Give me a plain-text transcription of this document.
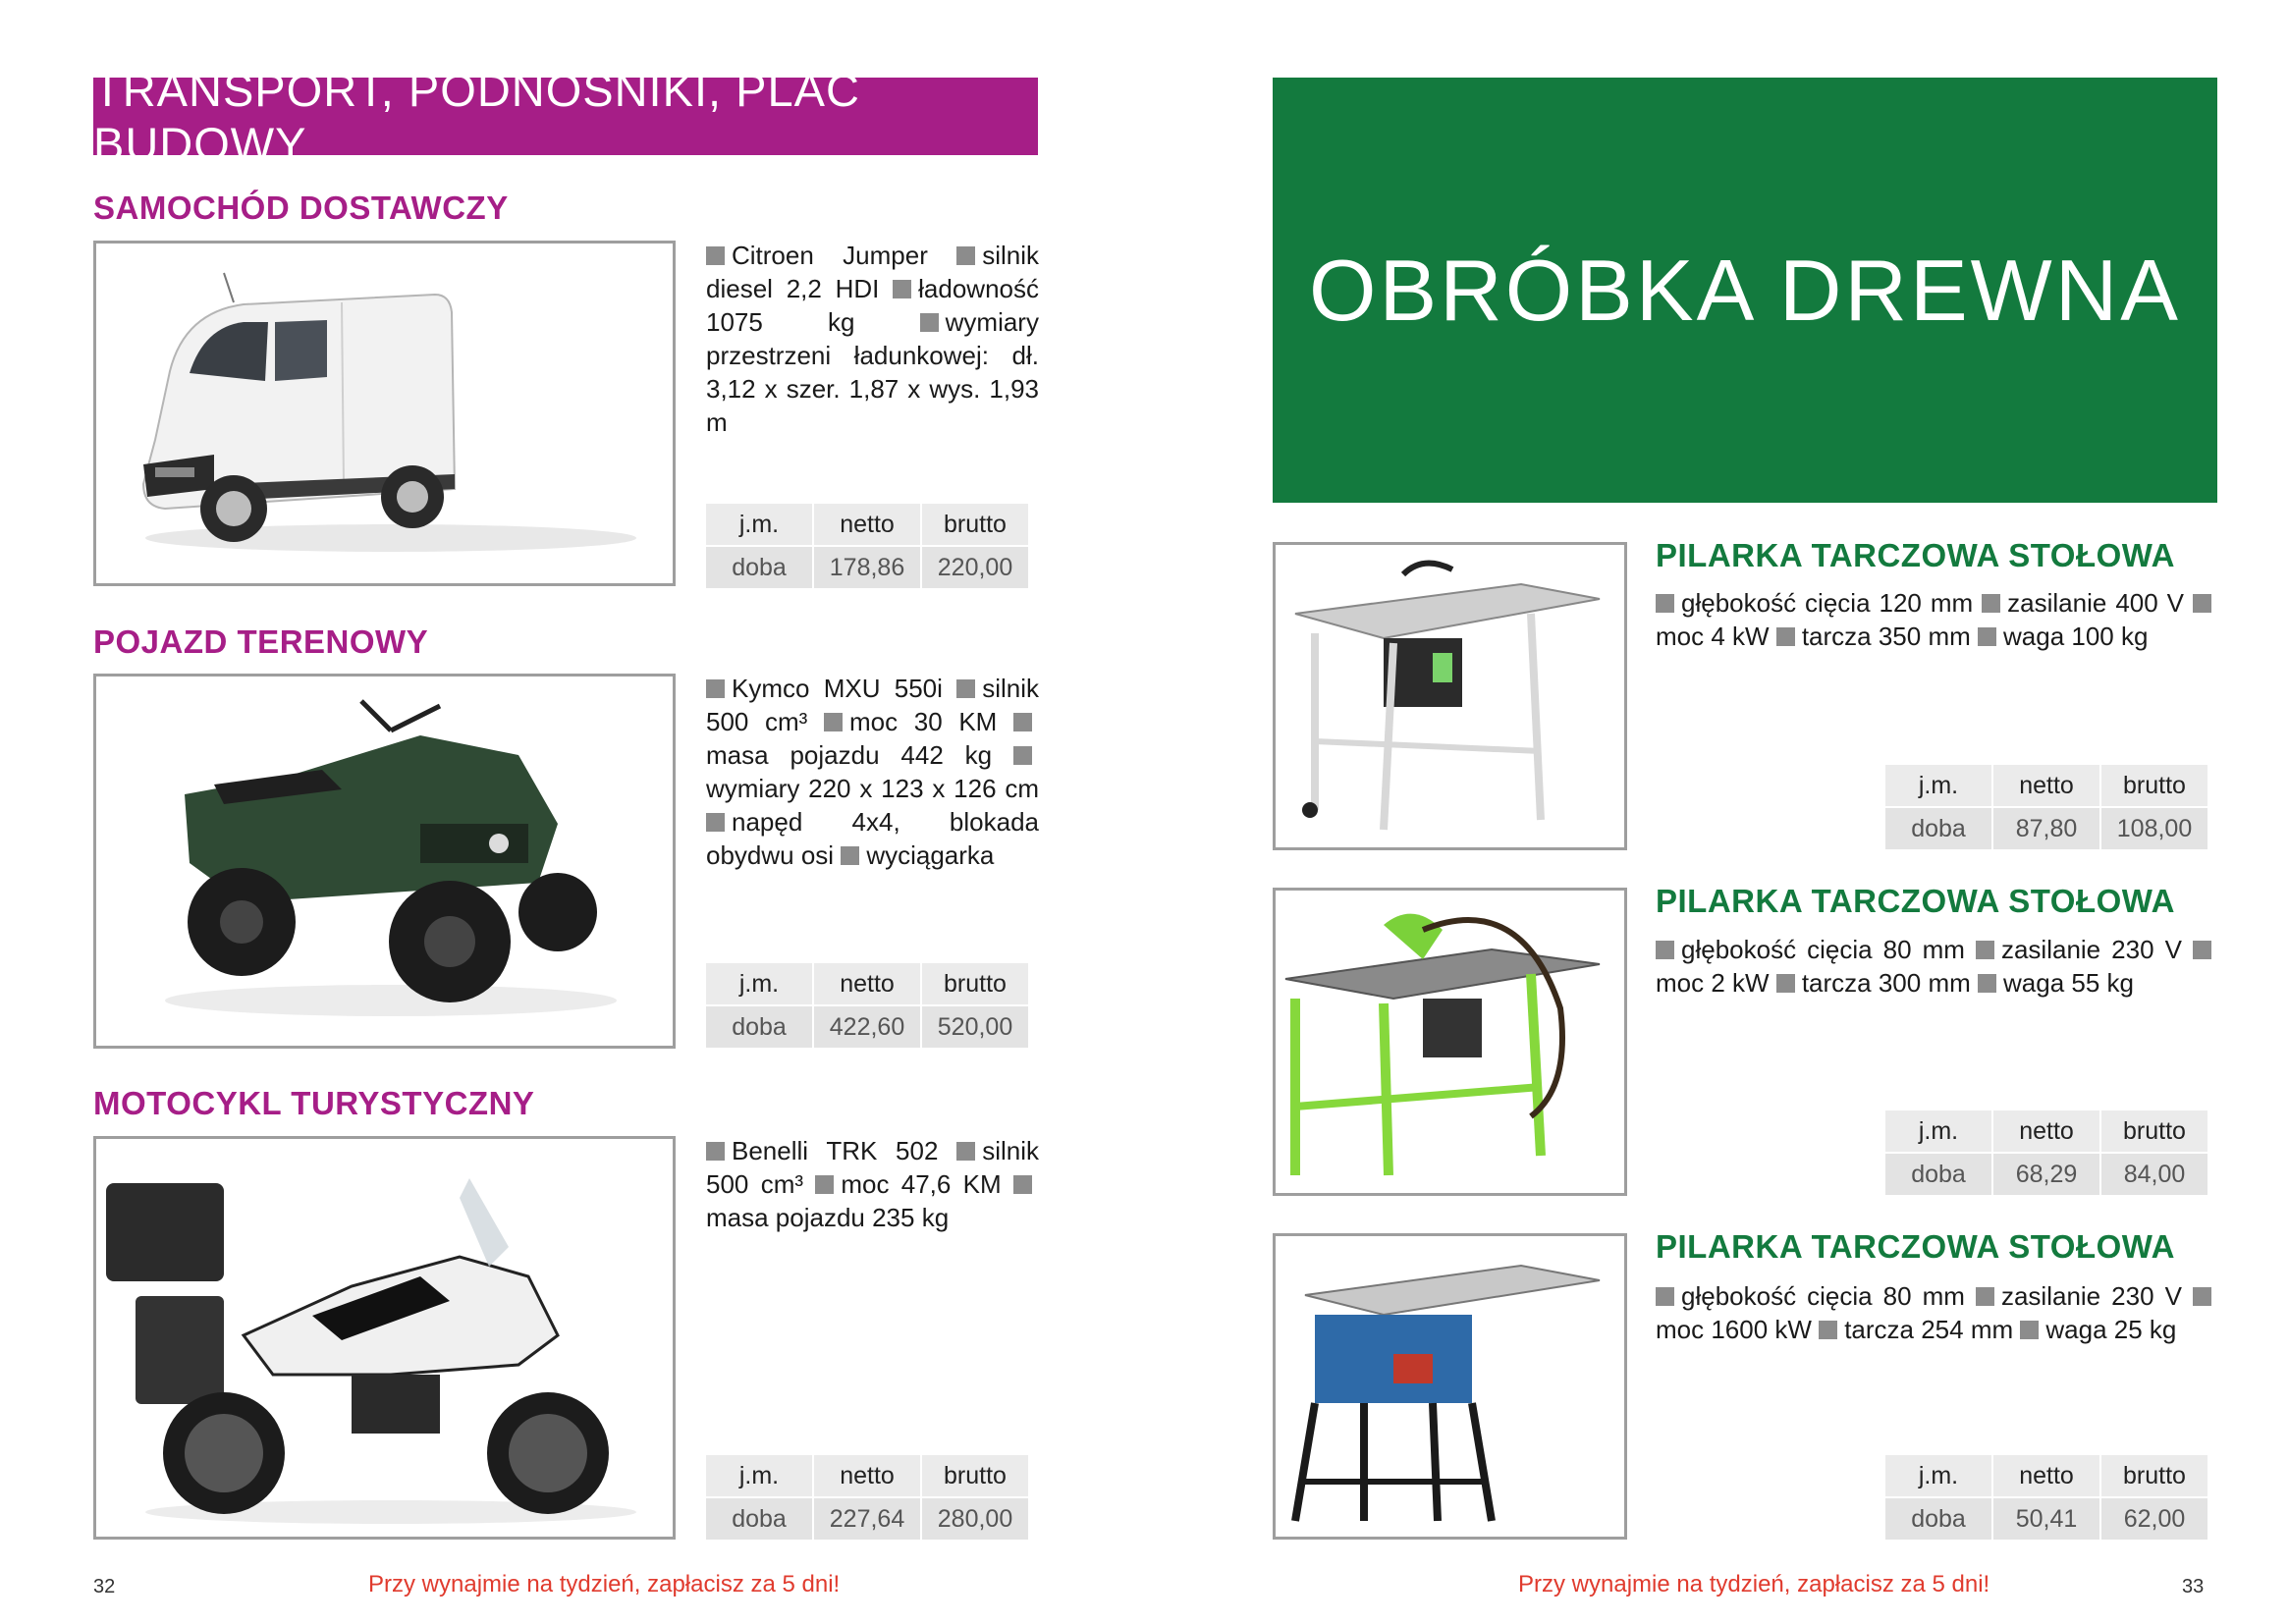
TRANSPORT, PODNOŚNIKI, PLAC BUDOWY
SAMOCHÓD DOSTAWCZY
Citroen Jumper silnik diesel 2,2 HDI ładowność 1075 kg	wymiary przestrzeni ładunkowej: dł. 3,12 x szer. 1,87 x wys. 1,93 m
j.m.	netto	brutto
doba	178,86	220,00
POJAZD TERENOWY
Kymco MXU 550i silnik 500 cm³ moc 30 KM masa pojazdu 442 kg wymiary 220 x 123 x 126 cm napęd 4x4, blokada obydwu osi wyciągarka
j.m.	netto	brutto
doba	422,60	520,00
MOTOCYKL TURYSTYCZNY
Benelli TRK 502 silnik 500 cm³ moc 47,6 KM masa pojazdu 235 kg
j.m.	netto	brutto
doba	227,64	280,00
32	Przy wynajmie na tydzień, zapłacisz za 5 dni!
OBRÓBKA DREWNA
PILARKA TARCZOWA STOŁOWA
głębokość cięcia 120 mm zasilanie 400 V moc 4 kW tarcza 350 mm waga 100 kg
j.m.	netto	brutto
doba	87,80	108,00
PILARKA TARCZOWA STOŁOWA
głębokość cięcia 80 mm zasilanie 230 V moc 2 kW tarcza 300 mm waga 55 kg
j.m.	netto	brutto
doba	68,29	84,00
PILARKA TARCZOWA STOŁOWA
głębokość cięcia 80 mm zasilanie 230 V moc 1600 kW tarcza 254 mm waga 25 kg
j.m.	netto	brutto
doba	50,41	62,00
Przy wynajmie na tydzień, zapłacisz za 5 dni!	33
